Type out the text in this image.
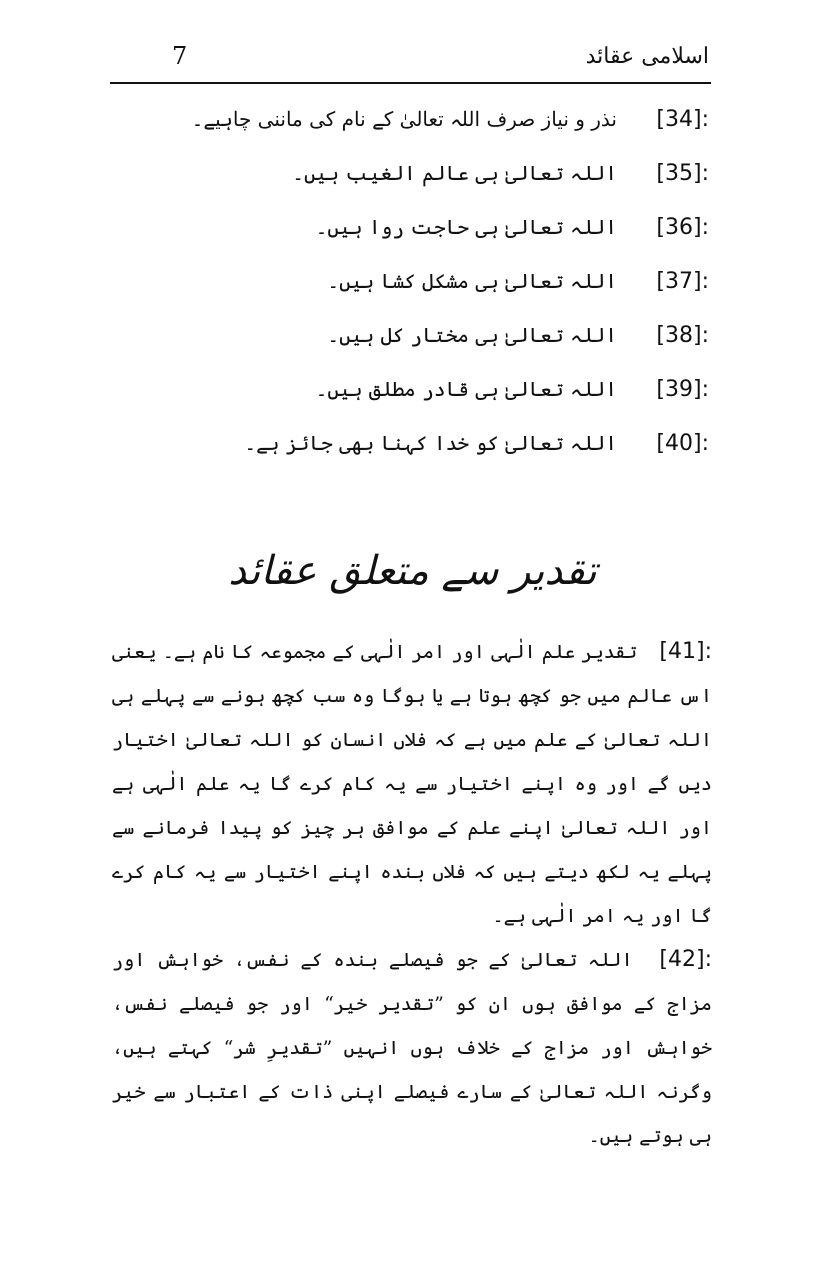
اسلامی عقائد
7
[34]:
نذر و نیاز صرف اللہ تعالیٰ کے نام کی ماننی چاہیے۔
[35]:
اللہ تعالیٰ ہی عالم الغیب ہیں۔
[36]:
اللہ تعالیٰ ہی حاجت روا ہیں۔
[37]:
اللہ تعالیٰ ہی مشکل کشا ہیں۔
[38]:
اللہ تعالیٰ ہی مختار کل ہیں۔
[39]:
اللہ تعالیٰ ہی قادر مطلق ہیں۔
[40]:
اللہ تعالیٰ کو خدا کہنا بھی جائز ہے۔
تقدیر سے متعلق عقائد

[41]: تقدیر علم الٰہی اور امر الٰہی کے مجموعہ کا نام ہے۔ یعنی اس عالم میں جو کچھ ہوتا ہے یا ہوگا وہ سب کچھ ہونے سے پہلے ہی اللہ تعالیٰ کے علم میں ہے کہ فلاں انسان کو اللہ تعالیٰ اختیار دیں گے اور وہ اپنے اختیار سے یہ کام کرے گا یہ علم الٰہی ہے اور اللہ تعالیٰ اپنے علم کے موافق ہر چیز کو پیدا فرمانے سے پہلے یہ لکھ دیتے ہیں کہ فلاں بندہ اپنے اختیار سے یہ کام کرے گا اور یہ امر الٰہی ہے۔

[42]: اللہ تعالیٰ کے جو فیصلے بندہ کے نفس، خواہش اور مزاج کے موافق ہوں ان کو ”تقدیر خیر“ اور جو فیصلے نفس، خواہش اور مزاج کے خلاف ہوں انہیں ”تقدیرِ شر“ کہتے ہیں، وگرنہ اللہ تعالیٰ کے سارے فیصلے اپنی ذات کے اعتبار سے خیر ہی ہوتے ہیں۔
